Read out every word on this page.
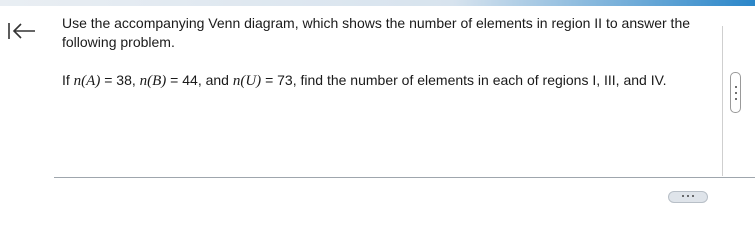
Use the accompanying Venn diagram, which shows the number of elements in region II to answer the following problem.
If n(A) = 38, n(B) = 44, and n(U) = 73, find the number of elements in each of regions I, III, and IV.
